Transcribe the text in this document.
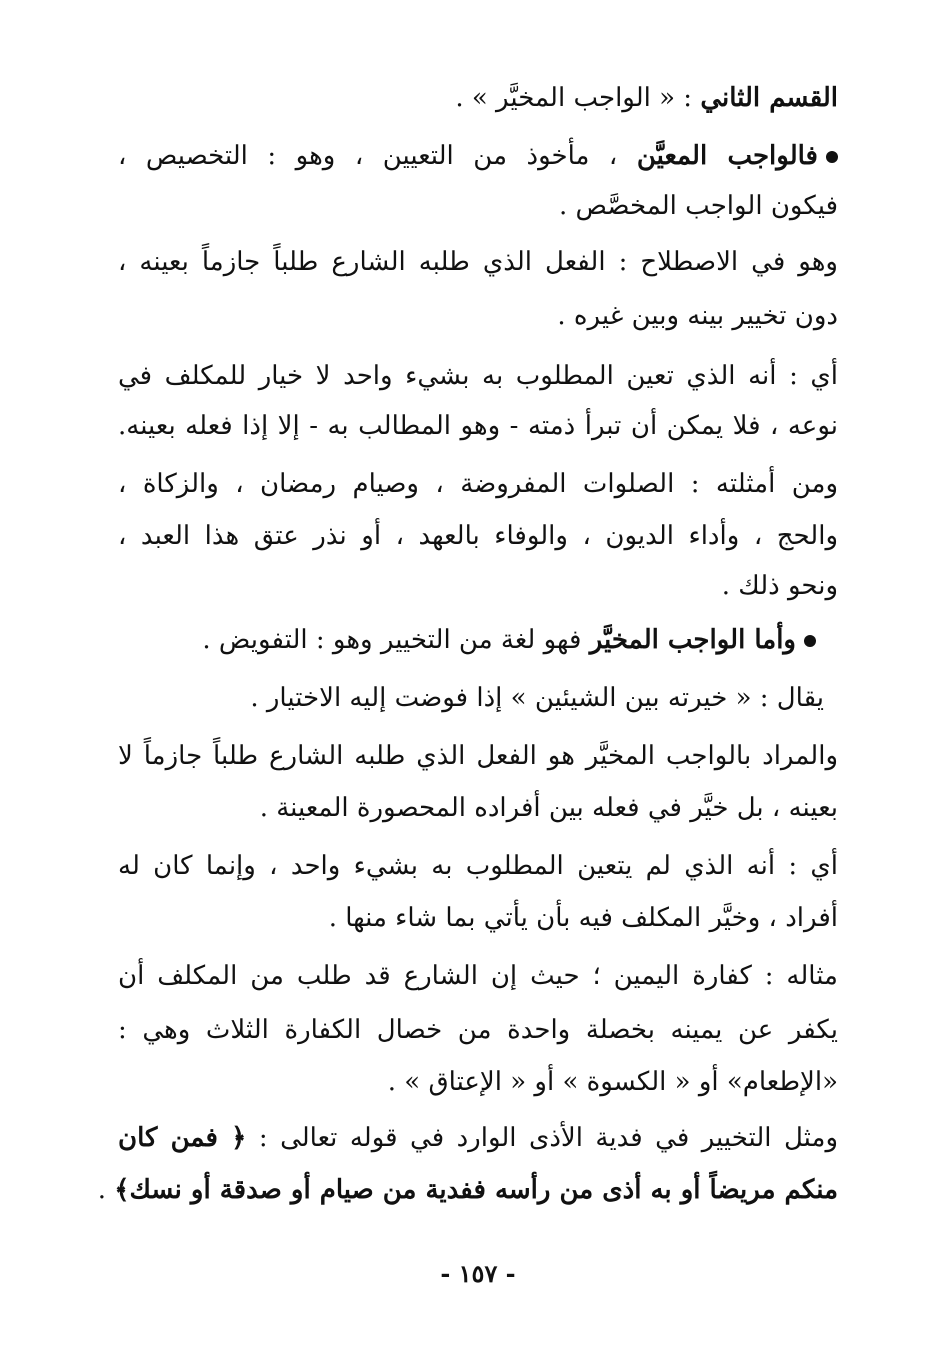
القسم الثاني : « الواجب المخيَّر » .
فالواجب المعيَّن ، مأخوذ من التعيين ، وهو : التخصيص ،
فيكون الواجب المخصَّص .
وهو في الاصطلاح : الفعل الذي طلبه الشارع طلباً جازماً بعينه ،
دون تخيير بينه وبين غيره .
أي : أنه الذي تعين المطلوب به بشيء واحد لا خيار للمكلف في
نوعه ، فلا يمكن أن تبرأ ذمته - وهو المطالب به - إلا إذا فعله بعينه.
ومن أمثلته : الصلوات المفروضة ، وصيام رمضان ، والزكاة ،
والحج ، وأداء الديون ، والوفاء بالعهد ، أو نذر عتق هذا العبد ،
ونحو ذلك .
وأما الواجب المخيَّر فهو لغة من التخيير وهو : التفويض .
يقال : « خيرته بين الشيئين » إذا فوضت إليه الاختيار .
والمراد بالواجب المخيَّر هو الفعل الذي طلبه الشارع طلباً جازماً لا
بعينه ، بل خيَّر في فعله بين أفراده المحصورة المعينة .
أي : أنه الذي لم يتعين المطلوب به بشيء واحد ، وإنما كان له
أفراد ، وخيَّر المكلف فيه بأن يأتي بما شاء منها .
مثاله : كفارة اليمين ؛ حيث إن الشارع قد طلب من المكلف أن
يكفر عن يمينه بخصلة واحدة من خصال الكفارة الثلاث وهي :
«الإطعام» أو « الكسوة » أو « الإعتاق » .
ومثل التخيير في فدية الأذى الوارد في قوله تعالى : ﴿ فمن كان
منكم مريضاً أو به أذى من رأسه ففدية من صيام أو صدقة أو نسك﴾ .
- ١٥٧ -
